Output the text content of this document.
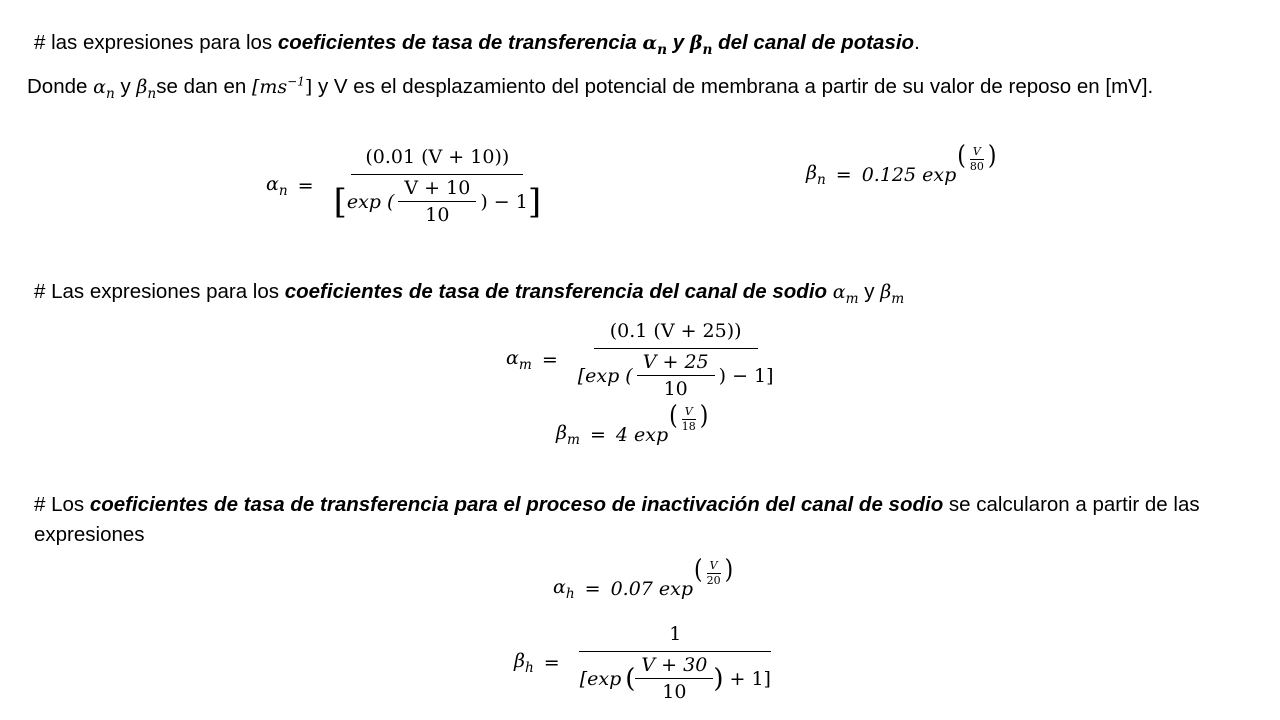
# las expresiones para los coeficientes de tasa de transferencia $\alpha_n$ y $\beta_n$ del canal de potasio.
Donde $\alpha_n$ y $\beta_nse$ dan en $[ms^{-1}]$ y V es el desplazamiento del potencial de membrana a partir de su valor de reposo en [mV].
$\alpha_n = \frac{(0.01 (V + 10))}{[ \exp ( \frac{V + 10}{10} ) - 1 ]}$	$\beta_n = 0.125$ exp
( $\frac{V}{80}$ )
# Las expresiones para los coeficientes de tasa de transferencia del canal de sodio $\alpha_m$ y $\beta_m$
$\alpha_m = \frac{(0.1 (V + 25))}{[\exp ( \frac{V + 25}{10} ) - 1]}$
$\beta_m = 4$ exp
( $\frac{V}{18}$ )
# Los coeficientes de tasa de transferencia para el proceso de inactivación del canal de sodio se calcularon a partir de las expresiones
$\alpha_h = 0.07$ exp
( $\frac{V}{20}$ )
$\beta_h = \frac{1}{[\exp ( \frac{V + 30}{10} ) + 1]}$
